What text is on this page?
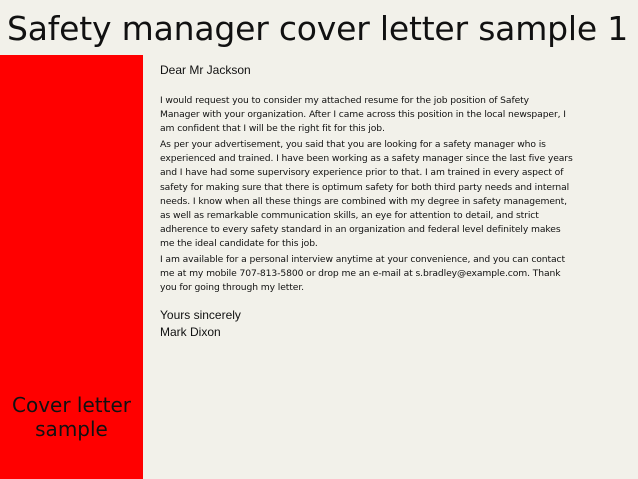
Safety manager cover letter sample 1
Cover letter
sample
Dear Mr Jackson
I would request you to consider my attached resume for the job position of Safety
Manager with your organization. After I came across this position in the local newspaper, I
am confident that I will be the right fit for this job.
As per your advertisement, you said that you are looking for a safety manager who is
experienced and trained. I have been working as a safety manager since the last five years
and I have had some supervisory experience prior to that. I am trained in every aspect of
safety for making sure that there is optimum safety for both third party needs and internal
needs. I know when all these things are combined with my degree in safety management,
as well as remarkable communication skills, an eye for attention to detail, and strict
adherence to every safety standard in an organization and federal level definitely makes
me the ideal candidate for this job.
I am available for a personal interview anytime at your convenience, and you can contact
me at my mobile 707-813-5800 or drop me an e-mail at s.bradley@example.com. Thank
you for going through my letter.
Yours sincerely
Mark Dixon
